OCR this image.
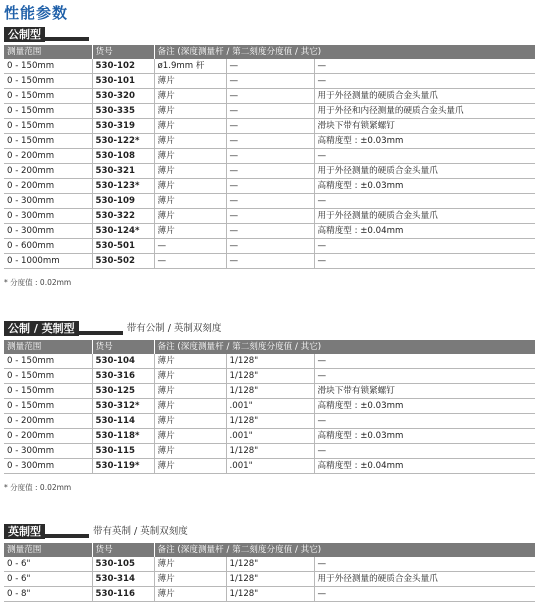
性能参数
公制型
测量范围	货号	备注 (深度测量杆 / 第二刻度分度值 / 其它)		
0 - 150mm	530-102	ø1.9mm 杆	—	—
0 - 150mm	530-101	薄片	—	—
0 - 150mm	530-320	薄片	—	用于外径测量的硬质合金头量爪
0 - 150mm	530-335	薄片	—	用于外径和内径测量的硬质合金头量爪
0 - 150mm	530-319	薄片	—	滑块下带有锁紧螺钉
0 - 150mm	530-122*	薄片	—	高精度型 : ±0.03mm
0 - 200mm	530-108	薄片	—	—
0 - 200mm	530-321	薄片	—	用于外径测量的硬质合金头量爪
0 - 200mm	530-123*	薄片	—	高精度型 : ±0.03mm
0 - 300mm	530-109	薄片	—	—
0 - 300mm	530-322	薄片	—	用于外径测量的硬质合金头量爪
0 - 300mm	530-124*	薄片	—	高精度型 : ±0.04mm
0 - 600mm	530-501	—	—	—
0 - 1000mm	530-502	—	—	—
* 分度值 : 0.02mm
公制 / 英制型	带有公制 / 英制双刻度
测量范围	货号	备注 (深度测量杆 / 第二刻度分度值 / 其它)		
0 - 150mm	530-104	薄片	1/128"	—
0 - 150mm	530-316	薄片	1/128"	—
0 - 150mm	530-125	薄片	1/128"	滑块下带有锁紧螺钉
0 - 150mm	530-312*	薄片	.001"	高精度型 : ±0.03mm
0 - 200mm	530-114	薄片	1/128"	—
0 - 200mm	530-118*	薄片	.001"	高精度型 : ±0.03mm
0 - 300mm	530-115	薄片	1/128"	—
0 - 300mm	530-119*	薄片	.001"	高精度型 : ±0.04mm
* 分度值 : 0.02mm
英制型	带有英制 / 英制双刻度
测量范围	货号	备注 (深度测量杆 / 第二刻度分度值 / 其它)		
0 - 6"	530-105	薄片	1/128"	—
0 - 6"	530-314	薄片	1/128"	用于外径测量的硬质合金头量爪
0 - 8"	530-116	薄片	1/128"	—
